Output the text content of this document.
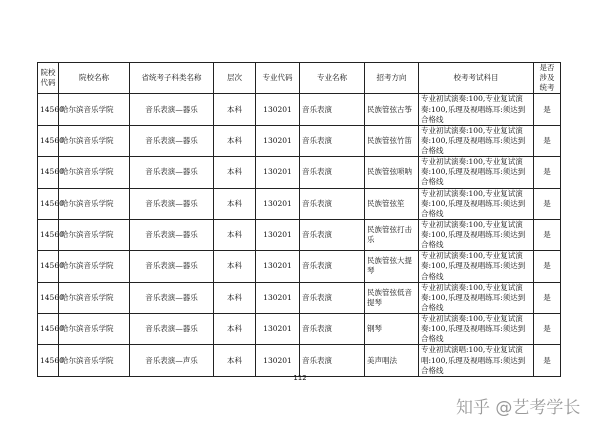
院校代码	院校名称	省统考子科类名称	层次	专业代码	专业名称	招考方向	校考考试科目	是否涉及统考
14560	哈尔滨音乐学院	音乐表演—器乐	本科	130201	音乐表演	民族管弦古筝	专业初试演奏:100,专业复试演奏:100,乐理及视唱练耳:须达到合格线	是
14560	哈尔滨音乐学院	音乐表演—器乐	本科	130201	音乐表演	民族管弦竹笛	专业初试演奏:100,专业复试演奏:100,乐理及视唱练耳:须达到合格线	是
14560	哈尔滨音乐学院	音乐表演—器乐	本科	130201	音乐表演	民族管弦唢呐	专业初试演奏:100,专业复试演奏:100,乐理及视唱练耳:须达到合格线	是
14560	哈尔滨音乐学院	音乐表演—器乐	本科	130201	音乐表演	民族管弦笙	专业初试演奏:100,专业复试演奏:100,乐理及视唱练耳:须达到合格线	是
14560	哈尔滨音乐学院	音乐表演—器乐	本科	130201	音乐表演	民族管弦打击乐	专业初试演奏:100,专业复试演奏:100,乐理及视唱练耳:须达到合格线	是
14560	哈尔滨音乐学院	音乐表演—器乐	本科	130201	音乐表演	民族管弦大提琴	专业初试演奏:100,专业复试演奏:100,乐理及视唱练耳:须达到合格线	是
14560	哈尔滨音乐学院	音乐表演—器乐	本科	130201	音乐表演	民族管弦低音提琴	专业初试演奏:100,专业复试演奏:100,乐理及视唱练耳:须达到合格线	是
14560	哈尔滨音乐学院	音乐表演—器乐	本科	130201	音乐表演	钢琴	专业初试演奏:100,专业复试演奏:100,乐理及视唱练耳:须达到合格线	是
14560	哈尔滨音乐学院	音乐表演—声乐	本科	130201	音乐表演	美声唱法	专业初试演唱:100,专业复试演唱:100,乐理及视唱练耳:须达到合格线	是
112
知乎 @艺考学长
